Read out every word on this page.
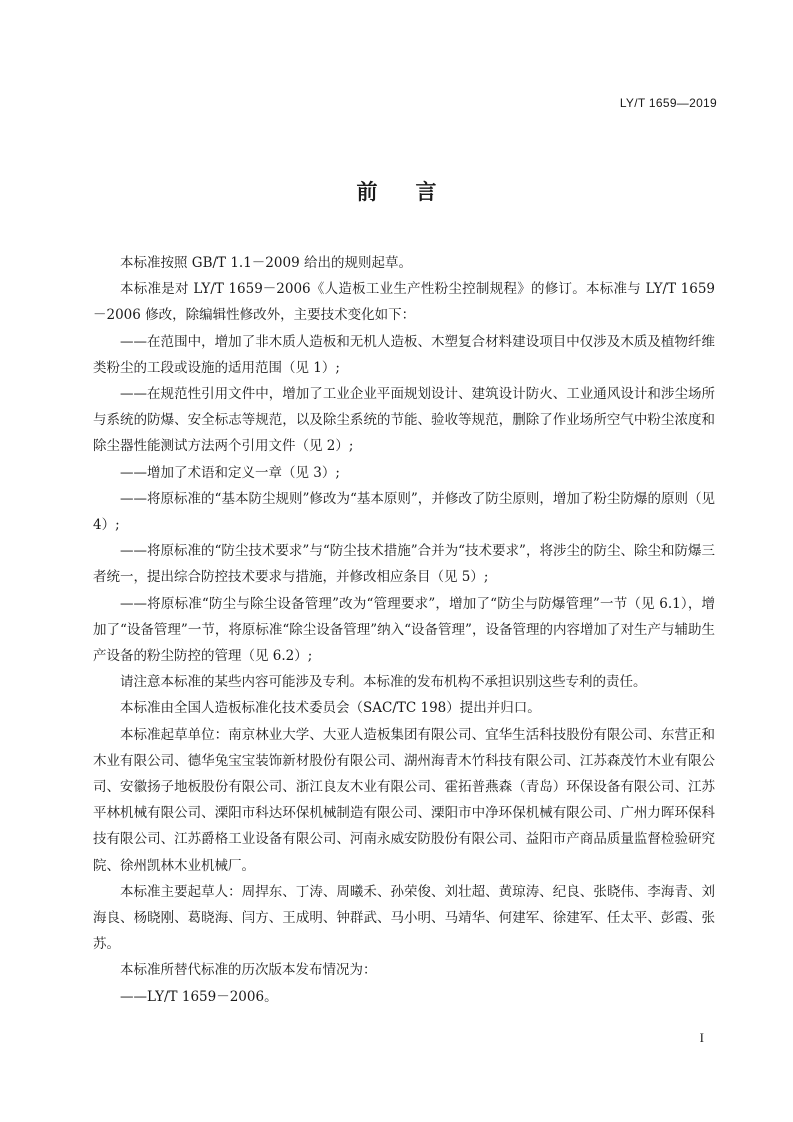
LY/T 1659—2019
前言

本标准按照 GB/T 1.1－2009 给出的规则起草。

本标准是对 LY/T 1659－2006《人造板工业生产性粉尘控制规程》的修订。本标准与 LY/T 1659－2006 修改，除编辑性修改外，主要技术变化如下：

——在范围中，增加了非木质人造板和无机人造板、木塑复合材料建设项目中仅涉及木质及植物纤维类粉尘的工段或设施的适用范围（见 1）;

——在规范性引用文件中，增加了工业企业平面规划设计、建筑设计防火、工业通风设计和涉尘场所与系统的防爆、安全标志等规范，以及除尘系统的节能、验收等规范，删除了作业场所空气中粉尘浓度和除尘器性能测试方法两个引用文件（见 2）;

——增加了术语和定义一章（见 3）;

——将原标准的“基本防尘规则”修改为“基本原则”，并修改了防尘原则，增加了粉尘防爆的原则（见 4）;

——将原标准的“防尘技术要求”与“防尘技术措施”合并为“技术要求”，将涉尘的防尘、除尘和防爆三者统一，提出综合防控技术要求与措施，并修改相应条目（见 5）;

——将原标准“防尘与除尘设备管理”改为“管理要求”，增加了“防尘与防爆管理”一节（见 6.1），增加了“设备管理”一节，将原标准“除尘设备管理”纳入“设备管理”，设备管理的内容增加了对生产与辅助生产设备的粉尘防控的管理（见 6.2）;

请注意本标准的某些内容可能涉及专利。本标准的发布机构不承担识别这些专利的责任。

本标准由全国人造板标准化技术委员会（SAC/TC 198）提出并归口。

本标准起草单位：南京林业大学、大亚人造板集团有限公司、宜华生活科技股份有限公司、东营正和木业有限公司、德华兔宝宝装饰新材股份有限公司、湖州海青木竹科技有限公司、江苏森茂竹木业有限公司、安徽扬子地板股份有限公司、浙江良友木业有限公司、霍拓普燕森（青岛）环保设备有限公司、江苏平林机械有限公司、溧阳市科达环保机械制造有限公司、溧阳市中净环保机械有限公司、广州力晖环保科技有限公司、江苏爵格工业设备有限公司、河南永威安防股份有限公司、益阳市产商品质量监督检验研究院、徐州凯林木业机械厂。

本标准主要起草人：周捍东、丁涛、周曦禾、孙荣俊、刘壮超、黄琼涛、纪良、张晓伟、李海青、刘海良、杨晓刚、葛晓海、闫方、王成明、钟群武、马小明、马靖华、何建军、徐建军、任太平、彭霞、张苏。

本标准所替代标准的历次版本发布情况为：

——LY/T 1659－2006。

I
